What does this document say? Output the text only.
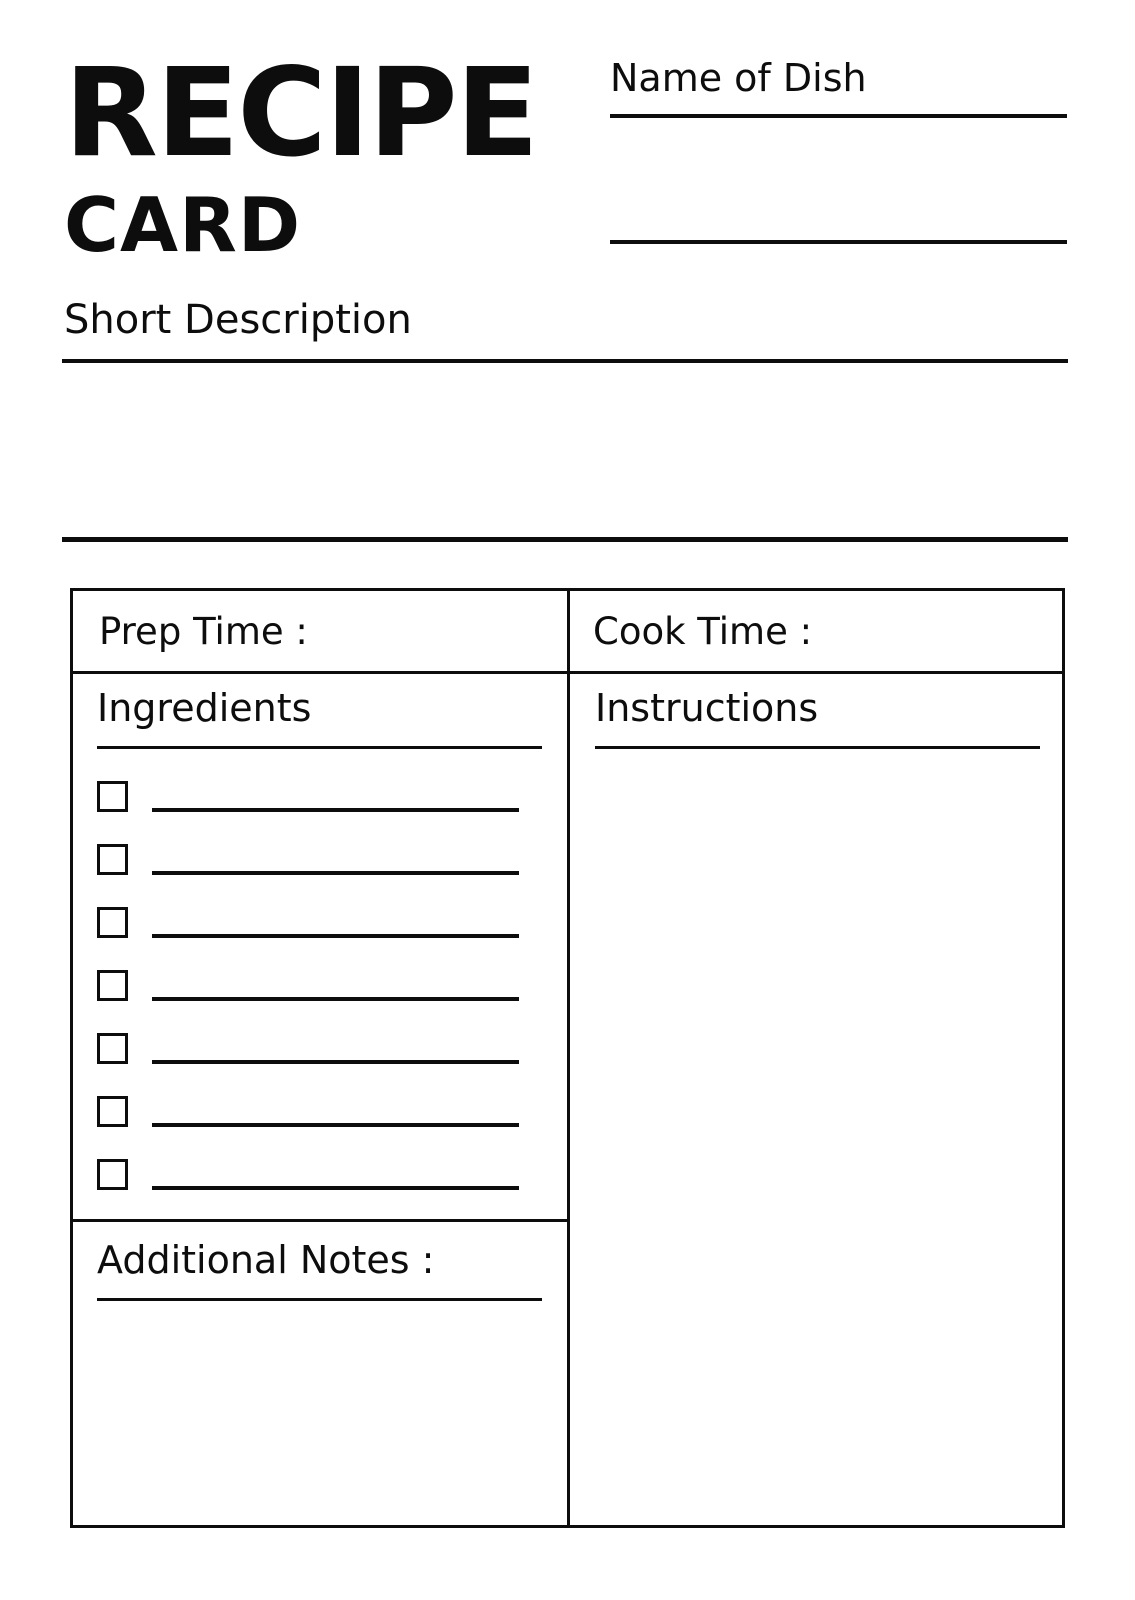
RECIPE
CARD
Name of Dish
Short Description
Prep Time :	Cook Time :
Ingredients
Additional Notes :
Instructions
